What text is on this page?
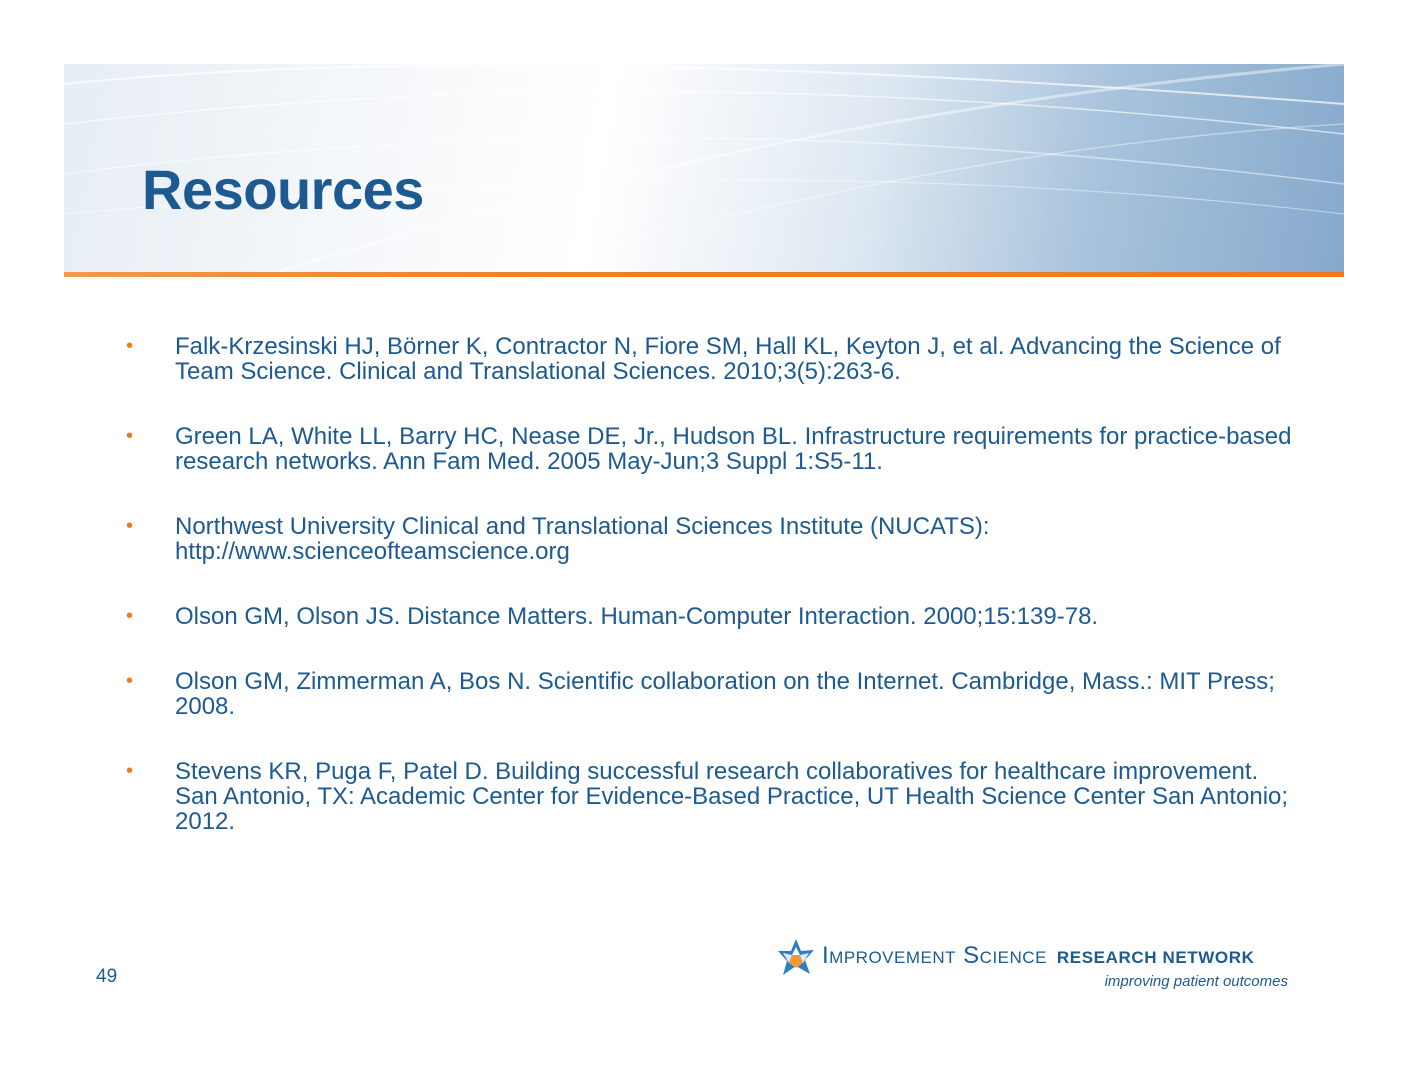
Resources
• Falk-Krzesinski HJ, Börner K, Contractor N, Fiore SM, Hall KL, Keyton J, et al. Advancing the Science of Team Science. Clinical and Translational Sciences. 2010;3(5):263-6.
• Green LA, White LL, Barry HC, Nease DE, Jr., Hudson BL. Infrastructure requirements for practice-based research networks. Ann Fam Med. 2005 May-Jun;3 Suppl 1:S5-11.
• Northwest University Clinical and Translational Sciences Institute (NUCATS): http://www.scienceofteamscience.org
• Olson GM, Olson JS. Distance Matters. Human-Computer Interaction. 2000;15:139-78.
• Olson GM, Zimmerman A, Bos N. Scientific collaboration on the Internet. Cambridge, Mass.: MIT Press; 2008.
• Stevens KR, Puga F, Patel D. Building successful research collaboratives for healthcare improvement. San Antonio, TX: Academic Center for Evidence-Based Practice, UT Health Science Center San Antonio; 2012.
49
Improvement Science RESEARCH NETWORK
improving patient outcomes
